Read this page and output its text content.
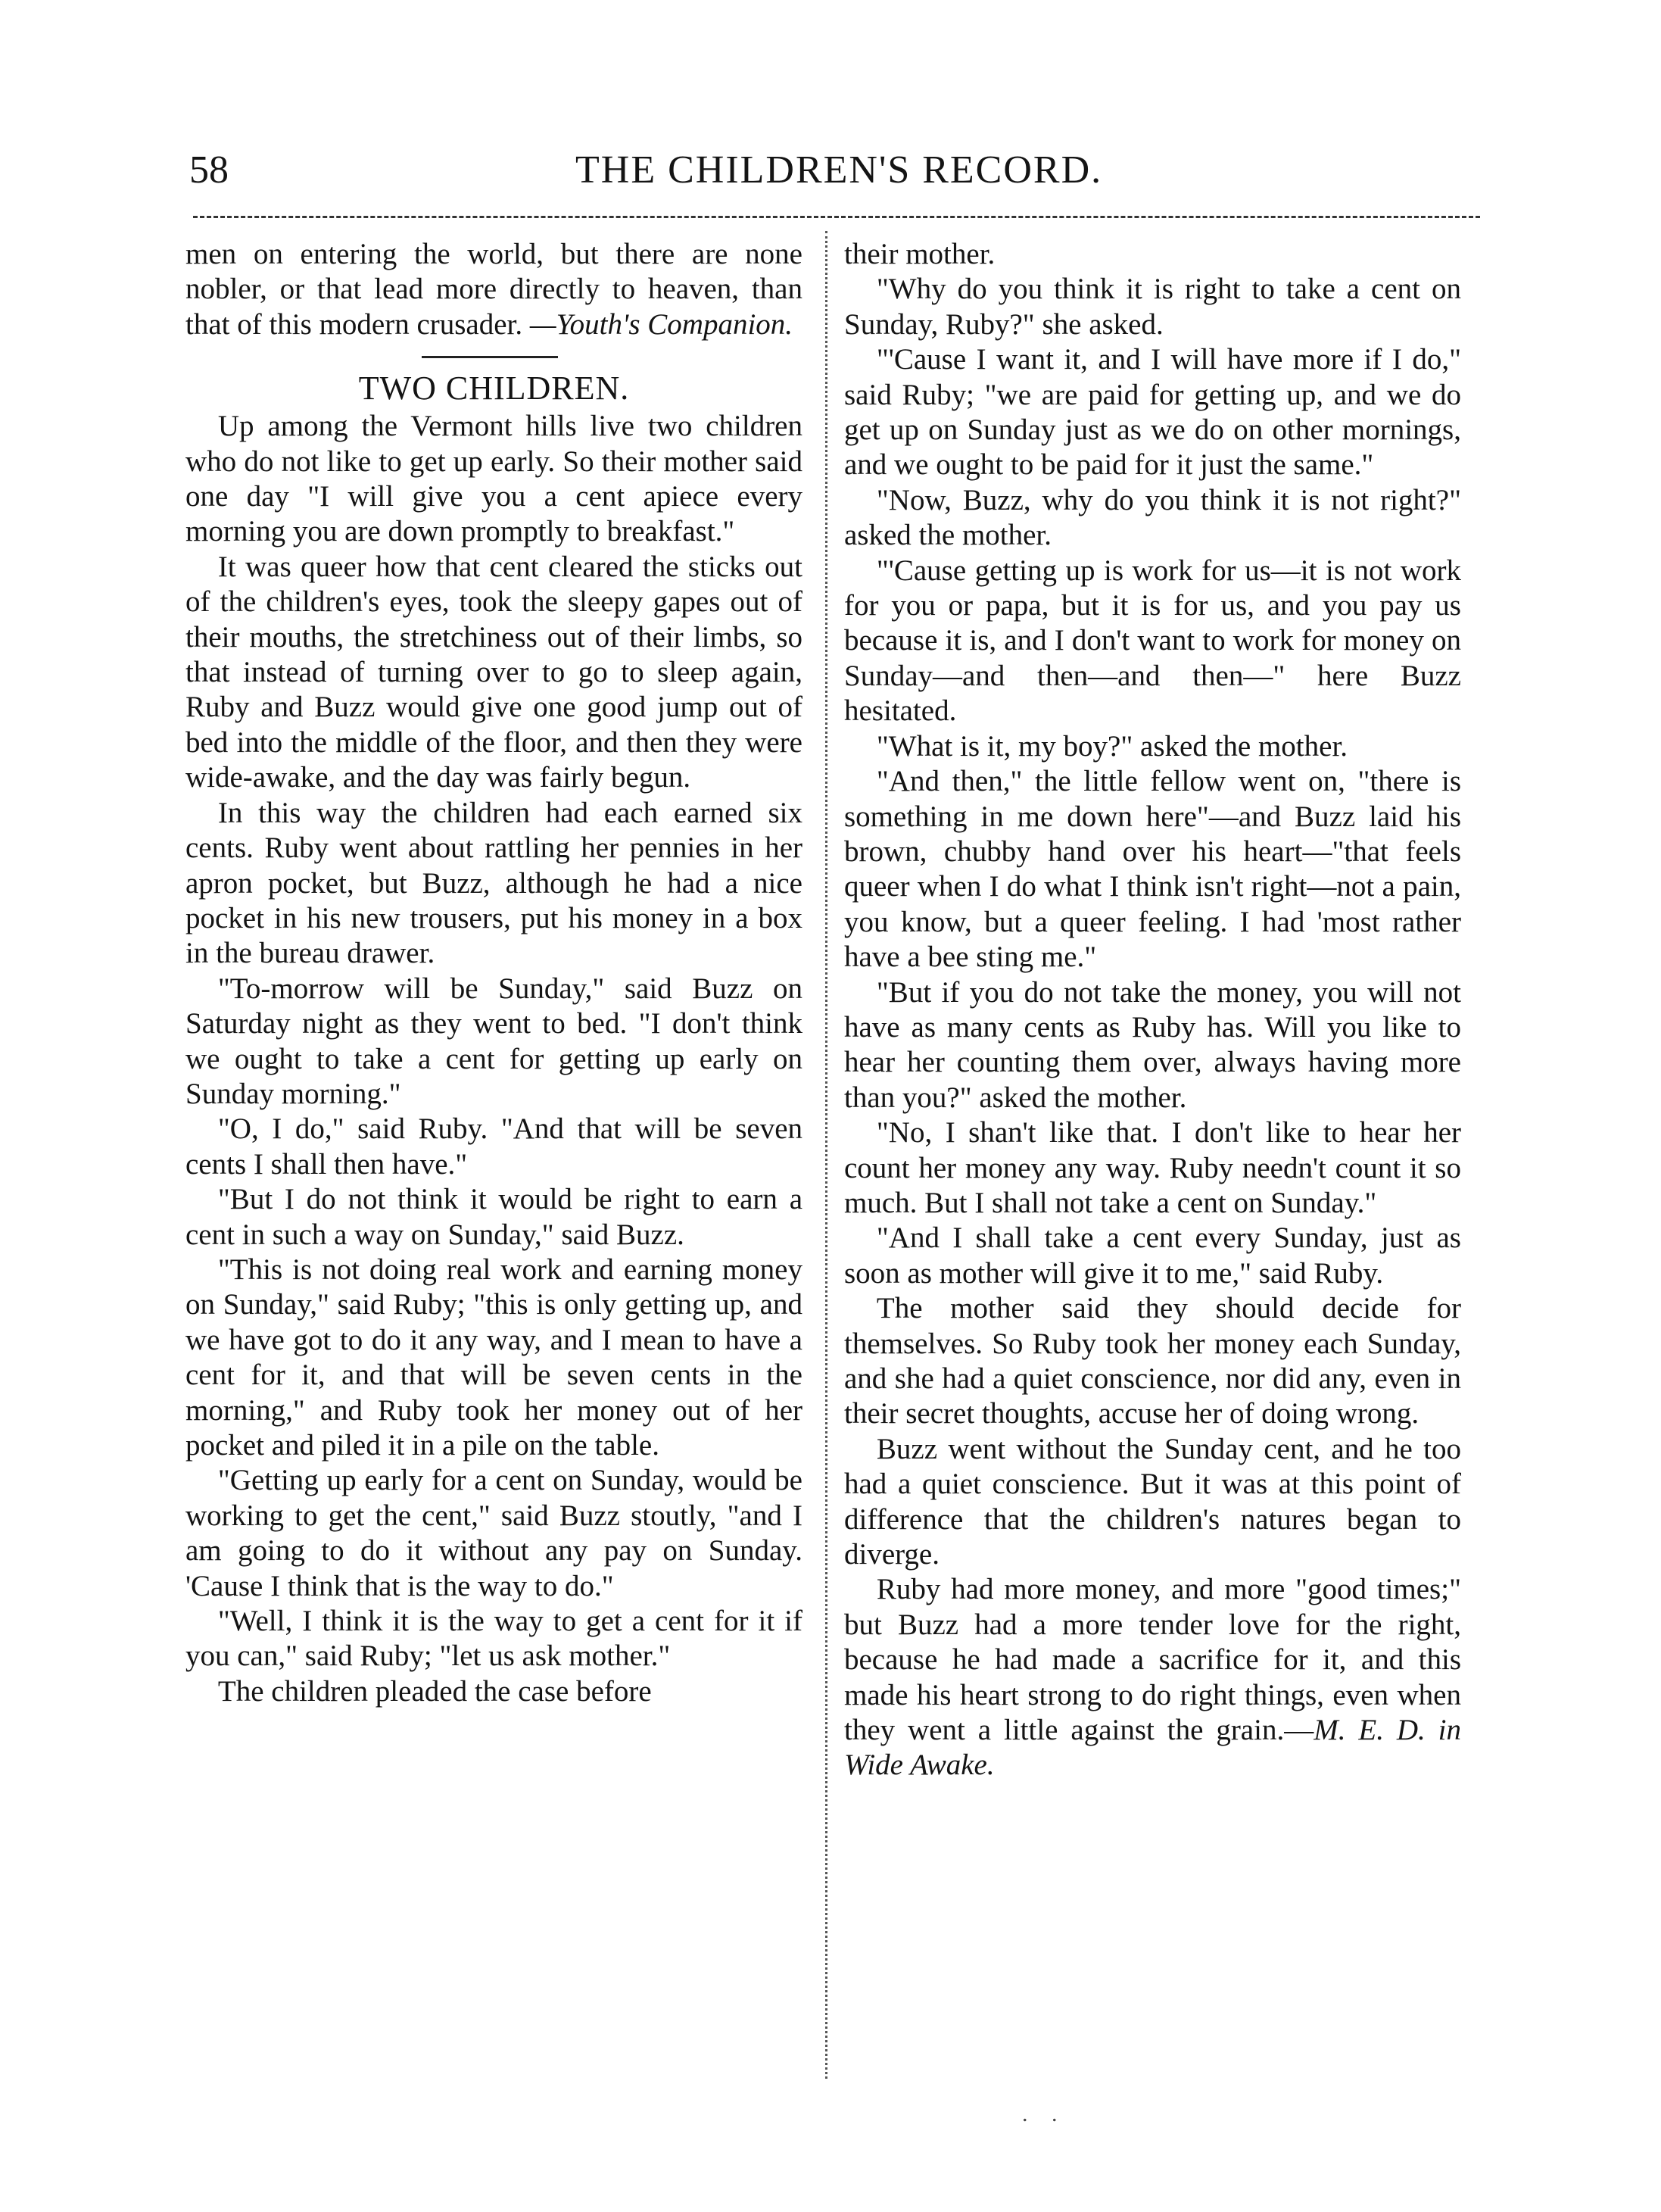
58	THE CHILDREN'S RECORD.

men on entering the world, but there are none nobler, or that lead more directly to heaven, than that of this modern crusader. —Youth's Companion.

TWO CHILDREN.

Up among the Vermont hills live two children who do not like to get up early. So their mother said one day "I will give you a cent apiece every morning you are down promptly to breakfast."

It was queer how that cent cleared the sticks out of the children's eyes, took the sleepy gapes out of their mouths, the stretchiness out of their limbs, so that instead of turning over to go to sleep again, Ruby and Buzz would give one good jump out of bed into the middle of the floor, and then they were wide-awake, and the day was fairly begun.

In this way the children had each earned six cents. Ruby went about rattling her pennies in her apron pocket, but Buzz, although he had a nice pocket in his new trousers, put his money in a box in the bureau drawer.

"To-morrow will be Sunday," said Buzz on Saturday night as they went to bed. "I don't think we ought to take a cent for getting up early on Sunday morning."

"O, I do," said Ruby. "And that will be seven cents I shall then have."

"But I do not think it would be right to earn a cent in such a way on Sunday," said Buzz.

"This is not doing real work and earning money on Sunday," said Ruby; "this is only getting up, and we have got to do it any way, and I mean to have a cent for it, and that will be seven cents in the morning," and Ruby took her money out of her pocket and piled it in a pile on the table.

"Getting up early for a cent on Sunday, would be working to get the cent," said Buzz stoutly, "and I am going to do it without any pay on Sunday. 'Cause I think that is the way to do."

"Well, I think it is the way to get a cent for it if you can," said Ruby; "let us ask mother."

The children pleaded the case before

their mother.

"Why do you think it is right to take a cent on Sunday, Ruby?" she asked.

"'Cause I want it, and I will have more if I do," said Ruby; "we are paid for getting up, and we do get up on Sunday just as we do on other mornings, and we ought to be paid for it just the same."

"Now, Buzz, why do you think it is not right?" asked the mother.

"'Cause getting up is work for us—it is not work for you or papa, but it is for us, and you pay us because it is, and I don't want to work for money on Sunday—and then—and then—" here Buzz hesitated.

"What is it, my boy?" asked the mother.

"And then," the little fellow went on, "there is something in me down here"—and Buzz laid his brown, chubby hand over his heart—"that feels queer when I do what I think isn't right—not a pain, you know, but a queer feeling. I had 'most rather have a bee sting me."

"But if you do not take the money, you will not have as many cents as Ruby has. Will you like to hear her counting them over, always having more than you?" asked the mother.

"No, I shan't like that. I don't like to hear her count her money any way. Ruby needn't count it so much. But I shall not take a cent on Sunday."

"And I shall take a cent every Sunday, just as soon as mother will give it to me," said Ruby.

The mother said they should decide for themselves. So Ruby took her money each Sunday, and she had a quiet conscience, nor did any, even in their secret thoughts, accuse her of doing wrong.

Buzz went without the Sunday cent, and he too had a quiet conscience. But it was at this point of difference that the children's natures began to diverge.

Ruby had more money, and more "good times;" but Buzz had a more tender love for the right, because he had made a sacrifice for it, and this made his heart strong to do right things, even when they went a little against the grain.—M. E. D. in Wide Awake.

. .
